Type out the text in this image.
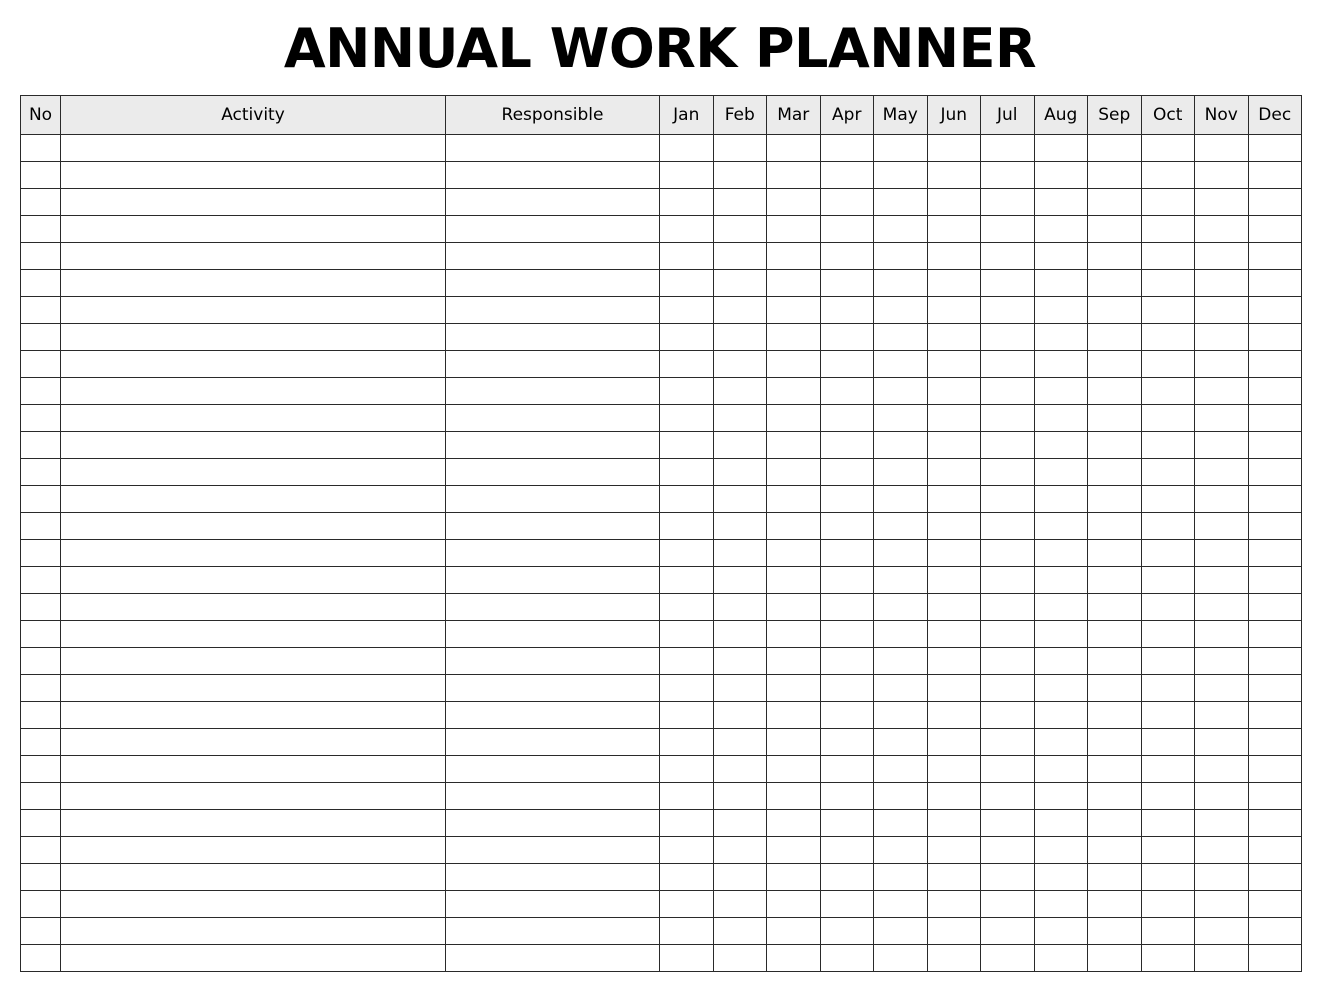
ANNUAL WORK PLANNER
No	Activity	Responsible	Jan	Feb	Mar	Apr	May	Jun	Jul	Aug	Sep	Oct	Nov	Dec
